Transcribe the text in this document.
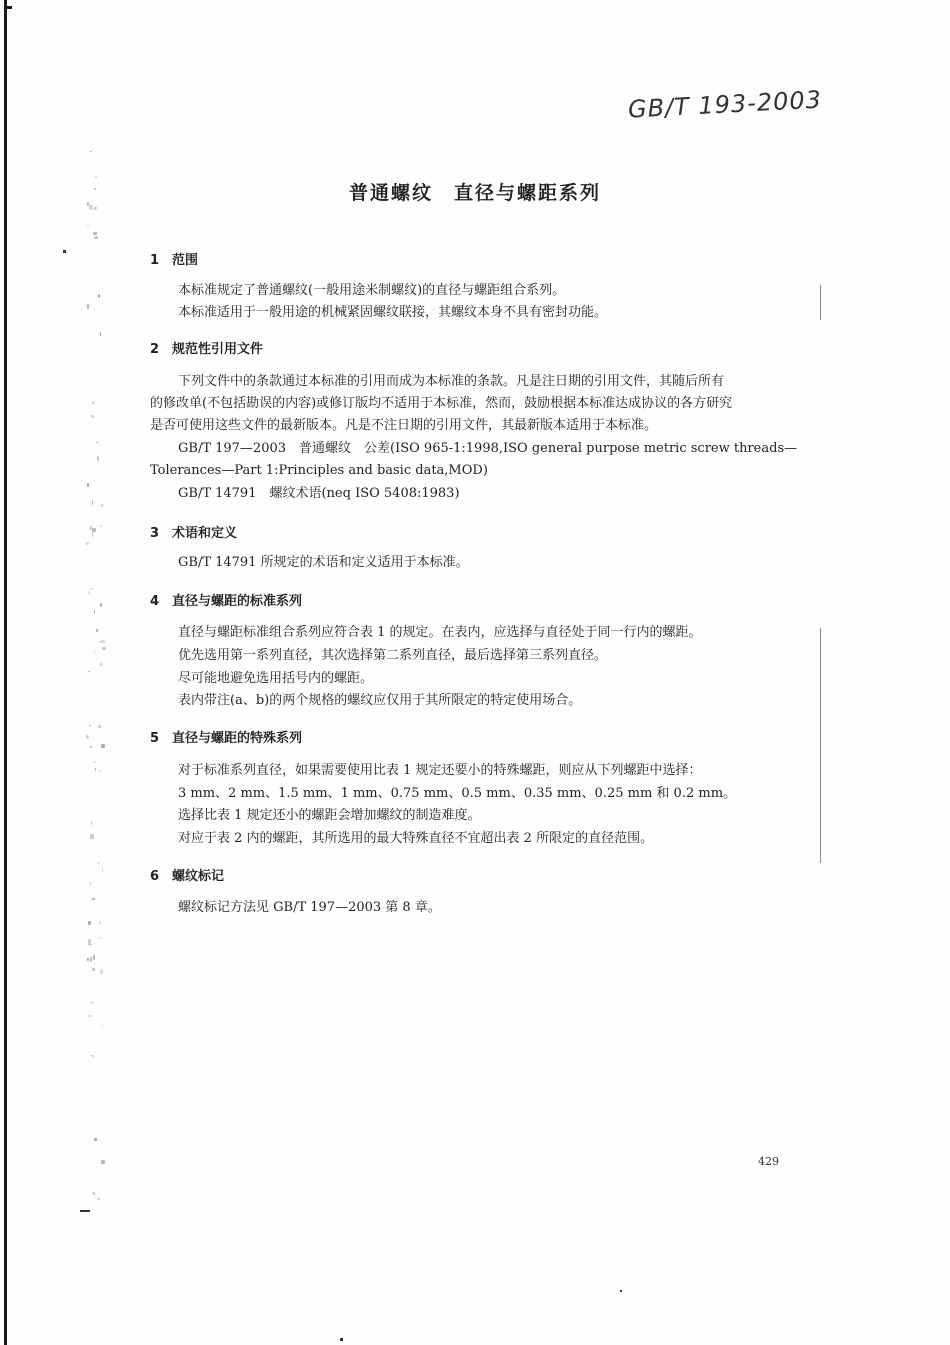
GB/T 193-2003
普通螺纹　直径与螺距系列
1 范围
本标准规定了普通螺纹(一般用途米制螺纹)的直径与螺距组合系列。
本标准适用于一般用途的机械紧固螺纹联接，其螺纹本身不具有密封功能。
2 规范性引用文件
下列文件中的条款通过本标准的引用而成为本标准的条款。凡是注日期的引用文件，其随后所有
的修改单(不包括勘误的内容)或修订版均不适用于本标准，然而，鼓励根据本标准达成协议的各方研究
是否可使用这些文件的最新版本。凡是不注日期的引用文件，其最新版本适用于本标准。
GB/T 197—2003　普通螺纹　公差(ISO 965-1:1998,ISO general purpose metric screw threads—
Tolerances—Part 1:Principles and basic data,MOD)
GB/T 14791　螺纹术语(neq ISO 5408:1983)
3 术语和定义
GB/T 14791 所规定的术语和定义适用于本标准。
4 直径与螺距的标准系列
直径与螺距标准组合系列应符合表 1 的规定。在表内，应选择与直径处于同一行内的螺距。
优先选用第一系列直径，其次选择第二系列直径，最后选择第三系列直径。
尽可能地避免选用括号内的螺距。
表内带注(a、b)的两个规格的螺纹应仅用于其所限定的特定使用场合。
5 直径与螺距的特殊系列
对于标准系列直径，如果需要使用比表 1 规定还要小的特殊螺距，则应从下列螺距中选择：
3 mm、2 mm、1.5 mm、1 mm、0.75 mm、0.5 mm、0.35 mm、0.25 mm 和 0.2 mm。
选择比表 1 规定还小的螺距会增加螺纹的制造难度。
对应于表 2 内的螺距，其所选用的最大特殊直径不宜超出表 2 所限定的直径范围。
6 螺纹标记
螺纹标记方法见 GB/T 197—2003 第 8 章。
429
